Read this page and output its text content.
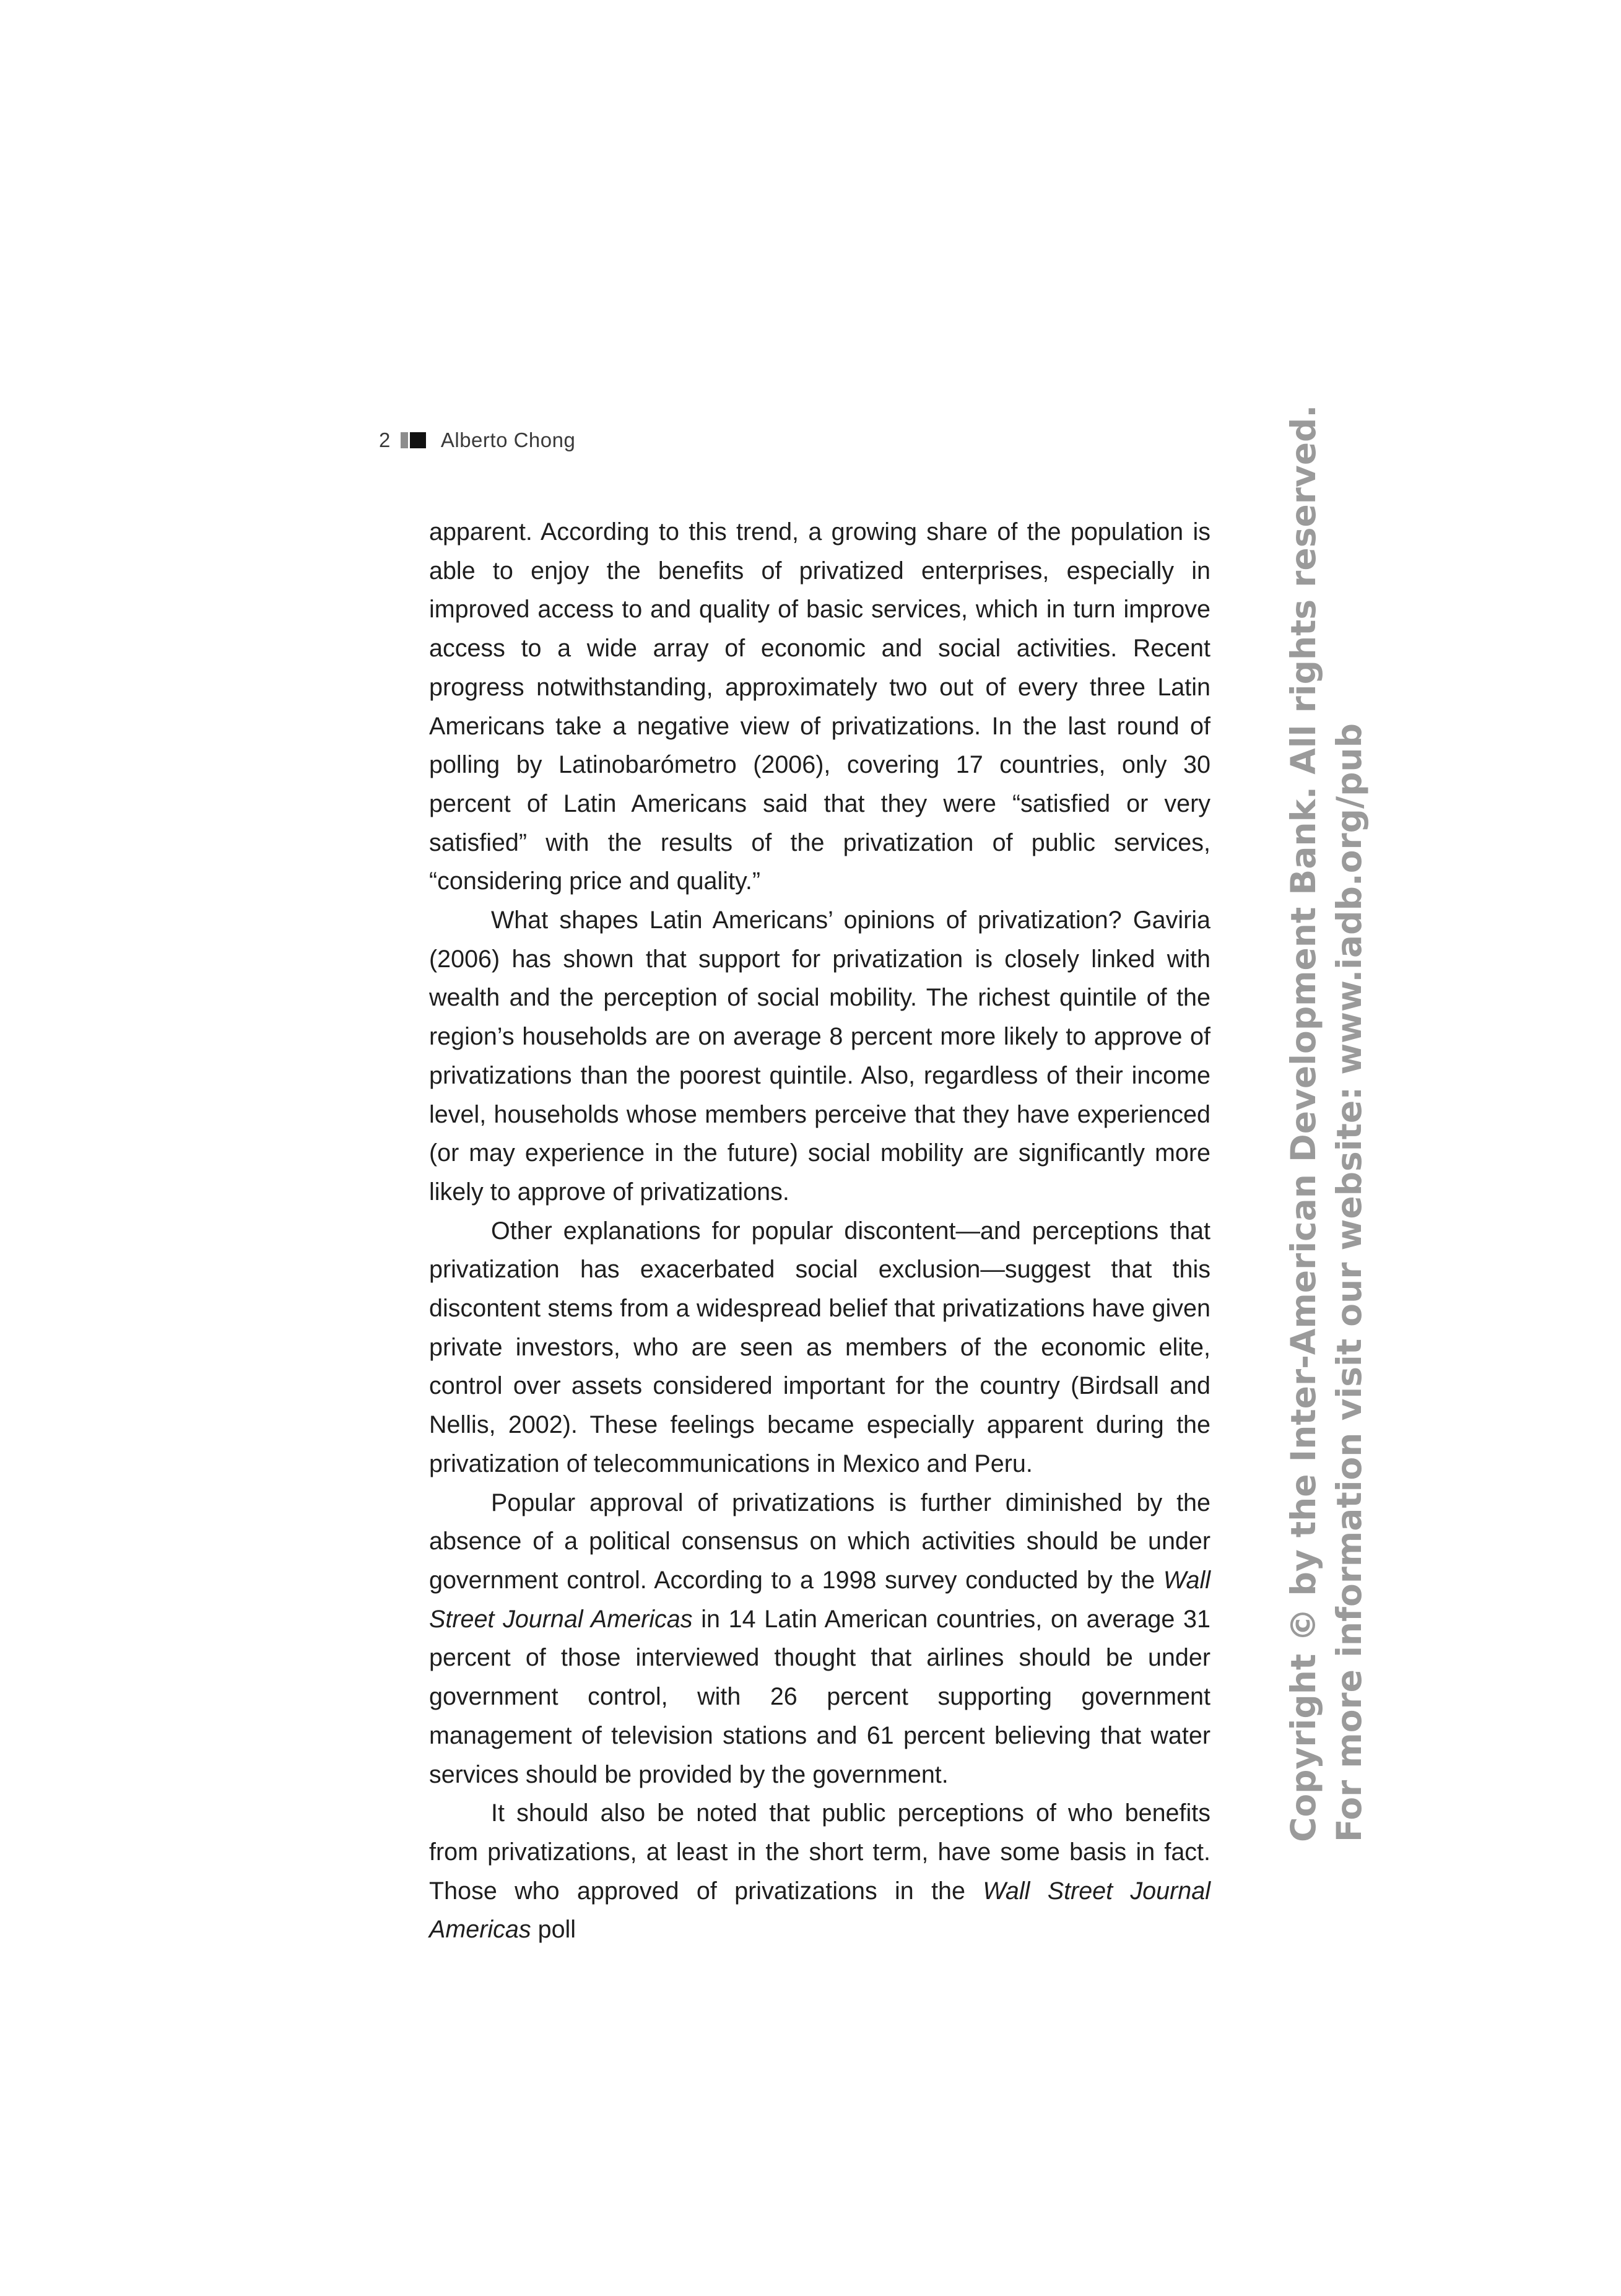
2 Alberto Chong

apparent. According to this trend, a growing share of the population is able to enjoy the benefits of privatized enterprises, especially in improved access to and quality of basic services, which in turn improve access to a wide array of economic and social activities. Recent progress notwithstanding, approximately two out of every three Latin Americans take a negative view of privatizations. In the last round of polling by Latinobarómetro (2006), covering 17 countries, only 30 percent of Latin Americans said that they were “satisfied or very satisfied” with the results of the privatization of public services, “considering price and quality.”

What shapes Latin Americans’ opinions of privatization? Gaviria (2006) has shown that support for privatization is closely linked with wealth and the perception of social mobility. The richest quintile of the region’s households are on average 8 percent more likely to approve of privatizations than the poorest quintile. Also, regardless of their income level, households whose members perceive that they have experienced (or may experience in the future) social mobility are significantly more likely to approve of privatizations.

Other explanations for popular discontent—and perceptions that privatization has exacerbated social exclusion—suggest that this discontent stems from a widespread belief that privatizations have given private investors, who are seen as members of the economic elite, control over assets considered important for the country (Birdsall and Nellis, 2002). These feelings became especially apparent during the privatization of telecommunications in Mexico and Peru.

Popular approval of privatizations is further diminished by the absence of a political consensus on which activities should be under government control. According to a 1998 survey conducted by the Wall Street Journal Americas in 14 Latin American countries, on average 31 percent of those interviewed thought that airlines should be under government control, with 26 percent supporting government management of television stations and 61 percent believing that water services should be provided by the government.

It should also be noted that public perceptions of who benefits from privatizations, at least in the short term, have some basis in fact. Those who approved of privatizations in the Wall Street Journal Americas poll

Copyright © by the Inter-American Development Bank. All rights reserved. For more information visit our website: www.iadb.org/pub
